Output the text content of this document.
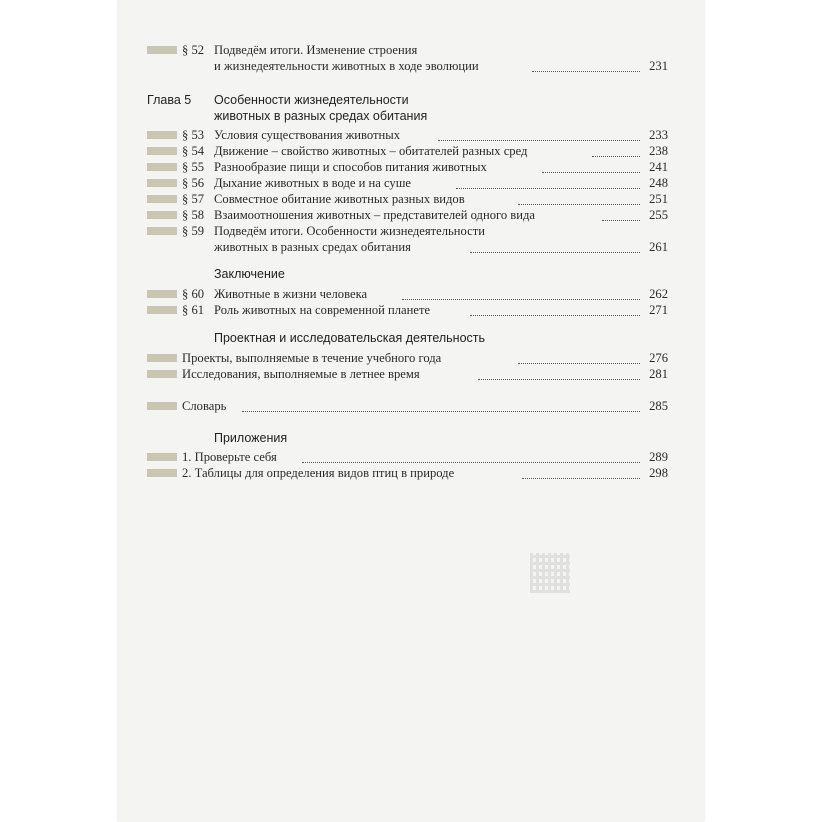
§ 52 Подведём итоги. Изменение строения
и жизнедеятельности животных в ходе эволюции	231
Глава 5 Особенности жизнедеятельности
животных в разных средах обитания
§ 53 Условия существования животных	233
§ 54 Движение – свойство животных – обитателей разных сред	238
§ 55 Разнообразие пищи и способов питания животных	241
§ 56 Дыхание животных в воде и на суше	248
§ 57 Совместное обитание животных разных видов	251
§ 58 Взаимоотношения животных – представителей одного вида	255
§ 59 Подведём итоги. Особенности жизнедеятельности
животных в разных средах обитания	261
Заключение
§ 60 Животные в жизни человека	262
§ 61 Роль животных на современной планете	271
Проектная и исследовательская деятельность
Проекты, выполняемые в течение учебного года	276
Исследования, выполняемые в летнее время	281
Словарь	285
Приложения
1. Проверьте себя	289
2. Таблицы для определения видов птиц в природе	298
